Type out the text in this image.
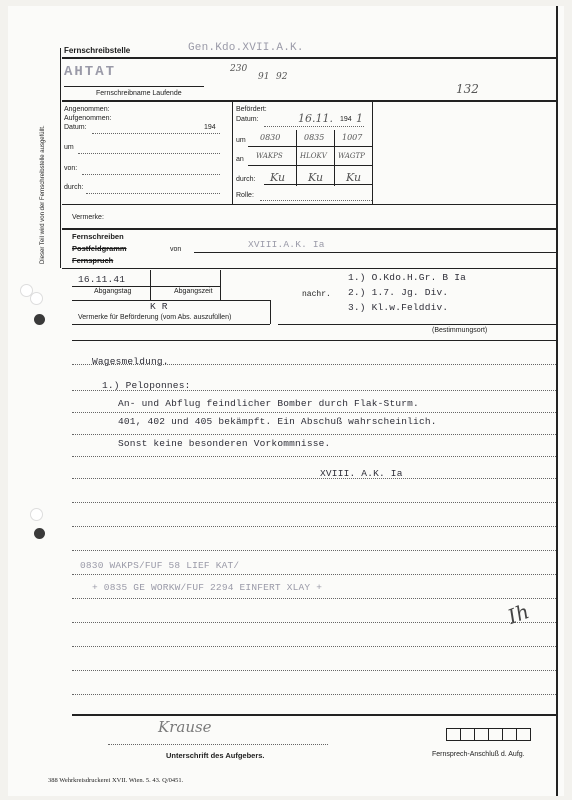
Fernschreibstelle	Gen.Kdo.XVII.A.K.
AHTAT	230
91 92
132
Fernschreibname Laufende
Dieser Teil wird von der Fernschreibstelle ausgefüllt.
Angenommen:
Aufgenommen:
Datum:	194
um
von:
durch:
Befördert:
Datum:	16.11. 194 1
um 0830	0835 1007
an WAKPS HLOKV WAGTP
durch: Ku Ku Ku
Rolle:
Vermerke:
Fernschreiben
Postfeldgramm
Fernspruch
von	XVIII.A.K. Ia
16.11.41
Abgangstag	Abgangszeit
K R
Vermerke für Beförderung (vom Abs. auszufüllen)
nachr.
1.) O.Kdo.H.Gr. B Ia
2.) 1.7. Jg. Div.
3.) Kl.w.Felddiv.
(Bestimmungsort)
Wagesmeldung.
1.) Peloponnes:
An- und Abflug feindlicher Bomber durch Flak-Sturm.
401, 402 und 405 bekämpft. Ein Abschuß wahrscheinlich.
Sonst keine besonderen Vorkommnisse.
XVIII. A.K. Ia
0830 WAKPS/FUF 58 LIEF KAT/
+ 0835 GE WORKW/FUF 2294 EINFERT XLAY +
Ih
Krause
Unterschrift des Aufgebers.	Fernsprech-Anschluß d. Aufg.
388 Wehrkreisdruckerei XVII. Wien. 5. 43. Q/0451.
